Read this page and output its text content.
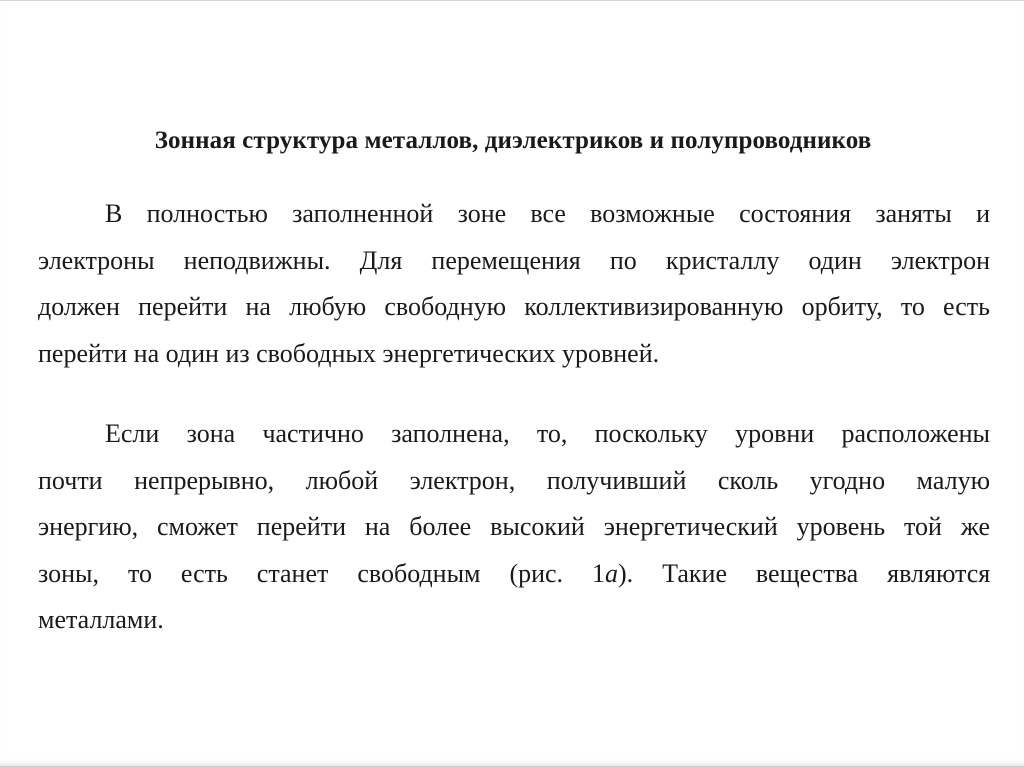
Зонная структура металлов, диэлектриков и полупроводников
В полностью заполненной зоне все возможные состояния заняты и
электроны неподвижны. Для перемещения по кристаллу один электрон
должен перейти на любую свободную коллективизированную орбиту, то есть
перейти на один из свободных энергетических уровней.
Если зона частично заполнена, то, поскольку уровни расположены
почти непрерывно, любой электрон, получивший сколь угодно малую
энергию, сможет перейти на более высокий энергетический уровень той же
зоны, то есть станет свободным (рис. 1а). Такие вещества являются
металлами.
